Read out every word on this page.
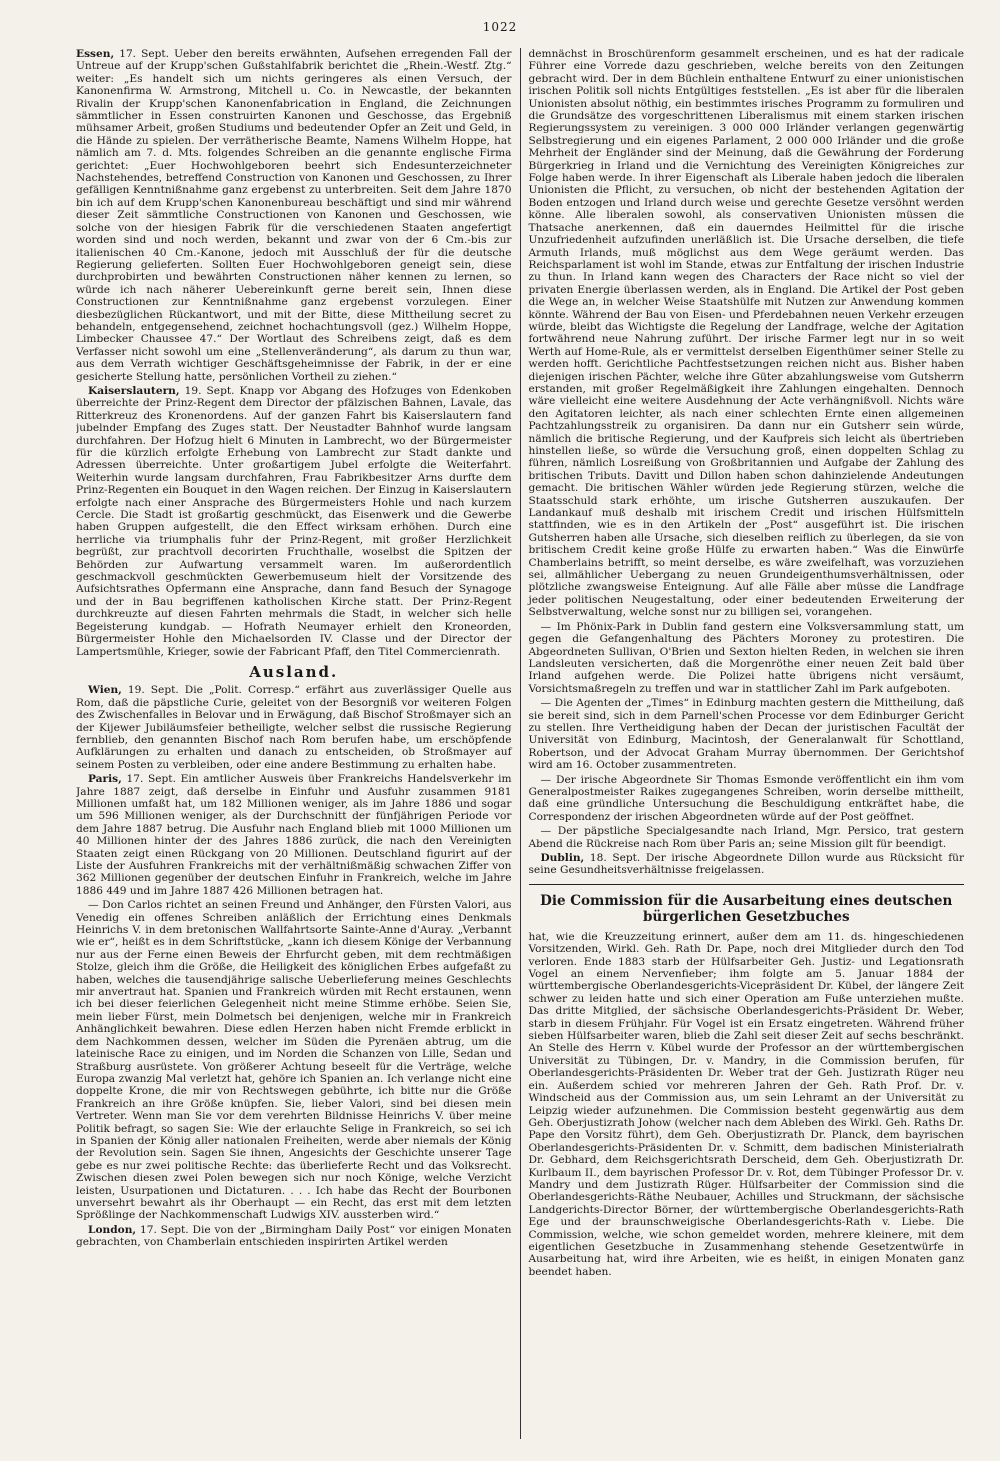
1022

Essen, 17. Sept. Ueber den bereits erwähnten, Aufsehen erregenden Fall der Untreue auf der Krupp'schen Gußstahlfabrik berichtet die „Rhein.-Westf. Ztg.“ weiter: „Es handelt sich um nichts geringeres als einen Versuch, der Kanonenfirma W. Armstrong, Mitchell u. Co. in Newcastle, der bekannten Rivalin der Krupp'schen Kanonenfabrication in England, die Zeichnungen sämmtlicher in Essen construirten Kanonen und Geschosse, das Ergebniß mühsamer Arbeit, großen Studiums und bedeutender Opfer an Zeit und Geld, in die Hände zu spielen. Der verrätherische Beamte, Namens Wilhelm Hoppe, hat nämlich am 7. d. Mts. folgendes Schreiben an die genannte englische Firma gerichtet: „Euer Hochwohlgeboren beehrt sich Endesunterzeichneter Nachstehendes, betreffend Construction von Kanonen und Geschossen, zu Ihrer gefälligen Kenntnißnahme ganz ergebenst zu unterbreiten. Seit dem Jahre 1870 bin ich auf dem Krupp'schen Kanonenbureau beschäftigt und sind mir während dieser Zeit sämmtliche Constructionen von Kanonen und Geschossen, wie solche von der hiesigen Fabrik für die verschiedenen Staaten angefertigt worden sind und noch werden, bekannt und zwar von der 6 Cm.-bis zur italienischen 40 Cm.-Kanone, jedoch mit Ausschluß der für die deutsche Regierung gelieferten. Sollten Euer Hochwohlgeboren geneigt sein, diese durchprobirten und bewährten Constructionen näher kennen zu lernen, so würde ich nach näherer Uebereinkunft gerne bereit sein, Ihnen diese Constructionen zur Kenntnißnahme ganz ergebenst vorzulegen. Einer diesbezüglichen Rückantwort, und mit der Bitte, diese Mittheilung secret zu behandeln, entgegensehend, zeichnet hochachtungsvoll (gez.) Wilhelm Hoppe, Limbecker Chaussee 47.“ Der Wortlaut des Schreibens zeigt, daß es dem Verfasser nicht sowohl um eine „Stellenveränderung“, als darum zu thun war, aus dem Verrath wichtiger Geschäftsgeheimnisse der Fabrik, in der er eine gesicherte Stellung hatte, persönlichen Vortheil zu ziehen.“

Kaiserslautern, 19. Sept. Knapp vor Abgang des Hofzuges von Edenkoben überreichte der Prinz-Regent dem Director der pfälzischen Bahnen, Lavale, das Ritterkreuz des Kronenordens. Auf der ganzen Fahrt bis Kaiserslautern fand jubelnder Empfang des Zuges statt. Der Neustadter Bahnhof wurde langsam durchfahren. Der Hofzug hielt 6 Minuten in Lambrecht, wo der Bürgermeister für die kürzlich erfolgte Erhebung von Lambrecht zur Stadt dankte und Adressen überreichte. Unter großartigem Jubel erfolgte die Weiterfahrt. Weiterhin wurde langsam durchfahren, Frau Fabrikbesitzer Arns durfte dem Prinz-Regenten ein Bouquet in den Wagen reichen. Der Einzug in Kaiserslautern erfolgte nach einer Ansprache des Bürgermeisters Hohle und nach kurzem Cercle. Die Stadt ist großartig geschmückt, das Eisenwerk und die Gewerbe haben Gruppen aufgestellt, die den Effect wirksam erhöhen. Durch eine herrliche via triumphalis fuhr der Prinz-Regent, mit großer Herzlichkeit begrüßt, zur prachtvoll decorirten Fruchthalle, woselbst die Spitzen der Behörden zur Aufwartung versammelt waren. Im außerordentlich geschmackvoll geschmückten Gewerbemuseum hielt der Vorsitzende des Aufsichtsrathes Opfermann eine Ansprache, dann fand Besuch der Synagoge und der in Bau begriffenen katholischen Kirche statt. Der Prinz-Regent durchkreuzte auf diesen Fahrten mehrmals die Stadt, in welcher sich helle Begeisterung kundgab. — Hofrath Neumayer erhielt den Kroneorden, Bürgermeister Hohle den Michaelsorden IV. Classe und der Director der Lampertsmühle, Krieger, sowie der Fabricant Pfaff, den Titel Commercienrath.

Ausland.

Wien, 19. Sept. Die „Polit. Corresp.“ erfährt aus zuverlässiger Quelle aus Rom, daß die päpstliche Curie, geleitet von der Besorgniß vor weiteren Folgen des Zwischenfalles in Belovar und in Erwägung, daß Bischof Stroßmayer sich an der Kijewer Jubiläumsfeier betheiligte, welcher selbst die russische Regierung fernblieb, den genannten Bischof nach Rom berufen habe, um erschöpfende Aufklärungen zu erhalten und danach zu entscheiden, ob Stroßmayer auf seinem Posten zu verbleiben, oder eine andere Bestimmung zu erhalten habe.

Paris, 17. Sept. Ein amtlicher Ausweis über Frankreichs Handelsverkehr im Jahre 1887 zeigt, daß derselbe in Einfuhr und Ausfuhr zusammen 9181 Millionen umfaßt hat, um 182 Millionen weniger, als im Jahre 1886 und sogar um 596 Millionen weniger, als der Durchschnitt der fünfjährigen Periode vor dem Jahre 1887 betrug. Die Ausfuhr nach England blieb mit 1000 Millionen um 40 Millionen hinter der des Jahres 1886 zurück, die nach den Vereinigten Staaten zeigt einen Rückgang von 20 Millionen. Deutschland figurirt auf der Liste der Ausfuhren Frankreichs mit der verhältnißmäßig schwachen Ziffer von 362 Millionen gegenüber der deutschen Einfuhr in Frankreich, welche im Jahre 1886 449 und im Jahre 1887 426 Millionen betragen hat.

— Don Carlos richtet an seinen Freund und Anhänger, den Fürsten Valori, aus Venedig ein offenes Schreiben anläßlich der Errichtung eines Denkmals Heinrichs V. in dem bretonischen Wallfahrtsorte Sainte-Anne d'Auray. „Verbannt wie er“, heißt es in dem Schriftstücke, „kann ich diesem Könige der Verbannung nur aus der Ferne einen Beweis der Ehrfurcht geben, mit dem rechtmäßigen Stolze, gleich ihm die Größe, die Heiligkeit des königlichen Erbes aufgefaßt zu haben, welches die tausendjährige salische Ueberlieferung meines Geschlechts mir anvertraut hat. Spanien und Frankreich würden mit Recht erstaunen, wenn ich bei dieser feierlichen Gelegenheit nicht meine Stimme erhöbe. Seien Sie, mein lieber Fürst, mein Dolmetsch bei denjenigen, welche mir in Frankreich Anhänglichkeit bewahren. Diese edlen Herzen haben nicht Fremde erblickt in dem Nachkommen dessen, welcher im Süden die Pyrenäen abtrug, um die lateinische Race zu einigen, und im Norden die Schanzen von Lille, Sedan und Straßburg ausrüstete. Von größerer Achtung beseelt für die Verträge, welche Europa zwanzig Mal verletzt hat, gehöre ich Spanien an. Ich verlange nicht eine doppelte Krone, die mir von Rechtswegen gebührte, ich bitte nur die Größe Frankreich an ihre Größe knüpfen. Sie, lieber Valori, sind bei diesen mein Vertreter. Wenn man Sie vor dem verehrten Bildnisse Heinrichs V. über meine Politik befragt, so sagen Sie: Wie der erlauchte Selige in Frankreich, so sei ich in Spanien der König aller nationalen Freiheiten, werde aber niemals der König der Revolution sein. Sagen Sie ihnen, Angesichts der Geschichte unserer Tage gebe es nur zwei politische Rechte: das überlieferte Recht und das Volksrecht. Zwischen diesen zwei Polen bewegen sich nur noch Könige, welche Verzicht leisten, Usurpationen und Dictaturen. . . . Ich habe das Recht der Bourbonen unversehrt bewahrt als ihr Oberhaupt — ein Recht, das erst mit dem letzten Sprößlinge der Nachkommenschaft Ludwigs XIV. aussterben wird.“

London, 17. Sept. Die von der „Birmingham Daily Post“ vor einigen Monaten gebrachten, von Chamberlain entschieden inspirirten Artikel werden

demnächst in Broschürenform gesammelt erscheinen, und es hat der radicale Führer eine Vorrede dazu geschrieben, welche bereits von den Zeitungen gebracht wird. Der in dem Büchlein enthaltene Entwurf zu einer unionistischen irischen Politik soll nichts Entgültiges feststellen. „Es ist aber für die liberalen Unionisten absolut nöthig, ein bestimmtes irisches Programm zu formuliren und die Grundsätze des vorgeschrittenen Liberalismus mit einem starken irischen Regierungssystem zu vereinigen. 3 000 000 Irländer verlangen gegenwärtig Selbstregierung und ein eigenes Parlament, 2 000 000 Irländer und die große Mehrheit der Engländer sind der Meinung, daß die Gewährung der Forderung Bürgerkrieg in Irland und die Vernichtung des Vereinigten Königreiches zur Folge haben werde. In ihrer Eigenschaft als Liberale haben jedoch die liberalen Unionisten die Pflicht, zu versuchen, ob nicht der bestehenden Agitation der Boden entzogen und Irland durch weise und gerechte Gesetze versöhnt werden könne. Alle liberalen sowohl, als conservativen Unionisten müssen die Thatsache anerkennen, daß ein dauerndes Heilmittel für die irische Unzufriedenheit aufzufinden unerläßlich ist. Die Ursache derselben, die tiefe Armuth Irlands, muß möglichst aus dem Wege geräumt werden. Das Reichsparlament ist wohl im Stande, etwas zur Entfaltung der irischen Industrie zu thun. In Irland kann wegen des Characters der Race nicht so viel der privaten Energie überlassen werden, als in England. Die Artikel der Post geben die Wege an, in welcher Weise Staatshülfe mit Nutzen zur Anwendung kommen könnte. Während der Bau von Eisen- und Pferdebahnen neuen Verkehr erzeugen würde, bleibt das Wichtigste die Regelung der Landfrage, welche der Agitation fortwährend neue Nahrung zuführt. Der irische Farmer legt nur in so weit Werth auf Home-Rule, als er vermittelst derselben Eigenthümer seiner Stelle zu werden hofft. Gerichtliche Pachtfestsetzungen reichen nicht aus. Bisher haben diejenigen irischen Pächter, welche ihre Güter abzahlungsweise vom Gutsherrn erstanden, mit großer Regelmäßigkeit ihre Zahlungen eingehalten. Dennoch wäre vielleicht eine weitere Ausdehnung der Acte verhängnißvoll. Nichts wäre den Agitatoren leichter, als nach einer schlechten Ernte einen allgemeinen Pachtzahlungsstreik zu organisiren. Da dann nur ein Gutsherr sein würde, nämlich die britische Regierung, und der Kaufpreis sich leicht als übertrieben hinstellen ließe, so würde die Versuchung groß, einen doppelten Schlag zu führen, nämlich Losreißung von Großbritannien und Aufgabe der Zahlung des britischen Tributs. Davitt und Dillon haben schon dahinzielende Andeutungen gemacht. Die britischen Wähler würden jede Regierung stürzen, welche die Staatsschuld stark erhöhte, um irische Gutsherren auszukaufen. Der Landankauf muß deshalb mit irischem Credit und irischen Hülfsmitteln stattfinden, wie es in den Artikeln der „Post“ ausgeführt ist. Die irischen Gutsherren haben alle Ursache, sich dieselben reiflich zu überlegen, da sie von britischem Credit keine große Hülfe zu erwarten haben.“ Was die Einwürfe Chamberlains betrifft, so meint derselbe, es wäre zweifelhaft, was vorzuziehen sei, allmählicher Uebergang zu neuen Grundeigenthumsverhältnissen, oder plötzliche zwangsweise Enteignung. Auf alle Fälle aber müsse die Landfrage jeder politischen Neugestaltung, oder einer bedeutenden Erweiterung der Selbstverwaltung, welche sonst nur zu billigen sei, vorangehen.

— Im Phönix-Park in Dublin fand gestern eine Volksversammlung statt, um gegen die Gefangenhaltung des Pächters Moroney zu protestiren. Die Abgeordneten Sullivan, O'Brien und Sexton hielten Reden, in welchen sie ihren Landsleuten versicherten, daß die Morgenröthe einer neuen Zeit bald über Irland aufgehen werde. Die Polizei hatte übrigens nicht versäumt, Vorsichtsmaßregeln zu treffen und war in stattlicher Zahl im Park aufgeboten.

— Die Agenten der „Times“ in Edinburg machten gestern die Mittheilung, daß sie bereit sind, sich in dem Parnell'schen Processe vor dem Edinburger Gericht zu stellen. Ihre Vertheidigung haben der Decan der juristischen Facultät der Universität von Edinburg, Macintosh, der Generalanwalt für Schottland, Robertson, und der Advocat Graham Murray übernommen. Der Gerichtshof wird am 16. October zusammentreten.

— Der irische Abgeordnete Sir Thomas Esmonde veröffentlicht ein ihm vom Generalpostmeister Raikes zugegangenes Schreiben, worin derselbe mittheilt, daß eine gründliche Untersuchung die Beschuldigung entkräftet habe, die Correspondenz der irischen Abgeordneten würde auf der Post geöffnet.

— Der päpstliche Specialgesandte nach Irland, Mgr. Persico, trat gestern Abend die Rückreise nach Rom über Paris an; seine Mission gilt für beendigt.

Dublin, 18. Sept. Der irische Abgeordnete Dillon wurde aus Rücksicht für seine Gesundheitsverhältnisse freigelassen.

Die Commission für die Ausarbeitung eines deutschen bürgerlichen Gesetzbuches

hat, wie die Kreuzzeitung erinnert, außer dem am 11. ds. hingeschiedenen Vorsitzenden, Wirkl. Geh. Rath Dr. Pape, noch drei Mitglieder durch den Tod verloren. Ende 1883 starb der Hülfsarbeiter Geh. Justiz- und Legationsrath Vogel an einem Nervenfieber; ihm folgte am 5. Januar 1884 der württembergische Oberlandesgerichts-Vicepräsident Dr. Kübel, der längere Zeit schwer zu leiden hatte und sich einer Operation am Fuße unterziehen mußte. Das dritte Mitglied, der sächsische Oberlandesgerichts-Präsident Dr. Weber, starb in diesem Frühjahr. Für Vogel ist ein Ersatz eingetreten. Während früher sieben Hülfsarbeiter waren, blieb die Zahl seit dieser Zeit auf sechs beschränkt. An Stelle des Herrn v. Kübel wurde der Professor an der württembergischen Universität zu Tübingen, Dr. v. Mandry, in die Commission berufen, für Oberlandesgerichts-Präsidenten Dr. Weber trat der Geh. Justizrath Rüger neu ein. Außerdem schied vor mehreren Jahren der Geh. Rath Prof. Dr. v. Windscheid aus der Commission aus, um sein Lehramt an der Universität zu Leipzig wieder aufzunehmen. Die Commission besteht gegenwärtig aus dem Geh. Oberjustizrath Johow (welcher nach dem Ableben des Wirkl. Geh. Raths Dr. Pape den Vorsitz führt), dem Geh. Oberjustizrath Dr. Planck, dem bayrischen Oberlandesgerichts-Präsidenten Dr. v. Schmitt, dem badischen Ministerialrath Dr. Gebhard, dem Reichsgerichtsrath Derscheid, dem Geh. Oberjustizrath Dr. Kurlbaum II., dem bayrischen Professor Dr. v. Rot, dem Tübinger Professor Dr. v. Mandry und dem Justizrath Rüger. Hülfsarbeiter der Commission sind die Oberlandesgerichts-Räthe Neubauer, Achilles und Struckmann, der sächsische Landgerichts-Director Börner, der württembergische Oberlandesgerichts-Rath Ege und der braunschweigische Oberlandesgerichts-Rath v. Liebe. Die Commission, welche, wie schon gemeldet worden, mehrere kleinere, mit dem eigentlichen Gesetzbuche in Zusammenhang stehende Gesetzentwürfe in Ausarbeitung hat, wird ihre Arbeiten, wie es heißt, in einigen Monaten ganz beendet haben.
